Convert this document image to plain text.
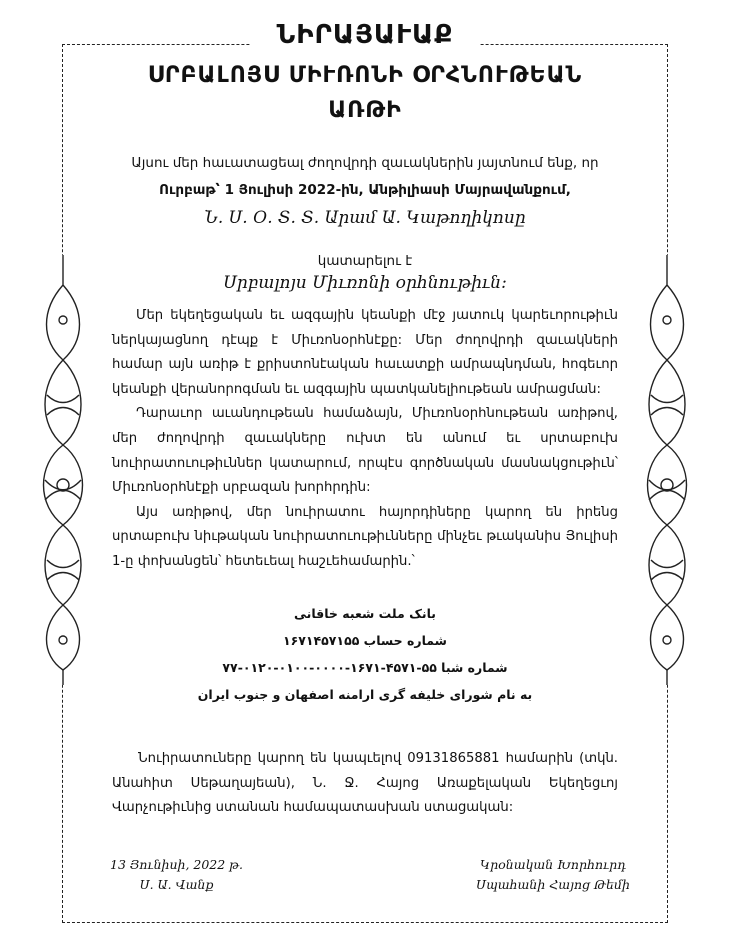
ՆԻՐԱՅԱՒԱՔ
ՍՐԲԱԼՈՅՍ ՄԻՒՌՈՆԻ ՕՐՀՆՈՒԹԵԱՆ
ԱՌԹԻ
Այսու մեր հաւատացեալ ժողովրդի զաւակներին յայտնում ենք, որ
Ուրբաթ՝ 1 Յուլիսի 2022-ին, Անթիլիասի Մայրավանքում,
Ն. Ս. Օ. Տ. Տ. Արամ Ա. Կաթողիկոսը
կատարելու է
Սրբալոյս Միւռոնի օրհնութիւն:

Մեր եկեղեցական եւ ազգային կեանքի մէջ յատուկ կարեւորութիւն ներկայացնող դէպք է Միւռոնօրհնէքը: Մեր ժողովրդի զաւակների համար այն առիթ է քրիստոնէական հաւատքի ամրապնդման, հոգեւոր կեանքի վերանորոգման եւ ազգային պատկանելիութեան ամրացման:

Դարաւոր աւանդութեան համաձայն, Միւռոնօրհնութեան առիթով, մեր ժողովրդի զաւակները ուխտ են անում եւ սրտաբուխ նուիրատուութիւններ կատարում, որպէս գործնական մասնակցութիւն՝ Միւռոնօրհնէքի սրբազան խորհրդին:

Այս առիթով, մեր նուիրատու հայորդիները կարող են իրենց սրտաբուխ նիւթական նուիրատուութիւնները մինչեւ թւականիս Յուլիսի 1-ը փոխանցեն՝ հետեւեալ հաշւեհամարին.՝

بانک ملت شعبه خاقانی
شماره حساب ۱۶۷۱۴۵۷۱۵۵
شماره شبا ۵۵-۴۵۷۱-۱۶۷۱-۰۰۰۰-۰۱۰۰-۰۱۲۰-۷۷
به نام شورای خلیفه گری ارامنه اصفهان و جنوب ایران

Նուիրատուները կարող են կապւելով 09131865881 համարին (տկն. Անահիտ Սեթաղայեան), Ն. Ջ. Հայոց Առաքելական Եկեղեցւոյ Վարչութիւնից ստանան համապատասխան ստացական:

13 Յունիսի, 2022 թ.
Ս. Ա. Վանք
Կրօնական Խորհուրդ
Սպահանի Հայոց Թեմի
